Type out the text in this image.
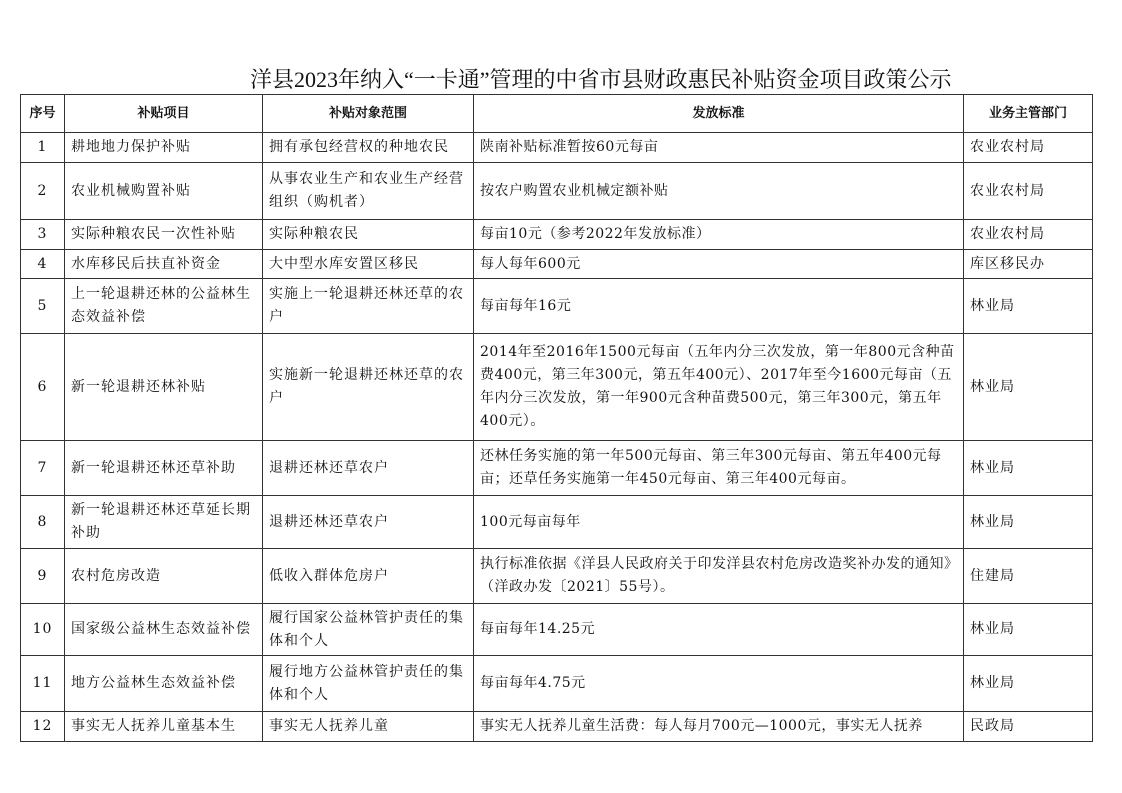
洋县2023年纳入“一卡通”管理的中省市县财政惠民补贴资金项目政策公示
序号	补贴项目	补贴对象范围	发放标准	业务主管部门
1	耕地地力保护补贴	拥有承包经营权的种地农民	陕南补贴标准暂按60元每亩	农业农村局
2	农业机械购置补贴	从事农业生产和农业生产经营组织（购机者）	按农户购置农业机械定额补贴	农业农村局
3	实际种粮农民一次性补贴	实际种粮农民	每亩10元（参考2022年发放标准）	农业农村局
4	水库移民后扶直补资金	大中型水库安置区移民	每人每年600元	库区移民办
5	上一轮退耕还林的公益林生态效益补偿	实施上一轮退耕还林还草的农户	每亩每年16元	林业局
6	新一轮退耕还林补贴	实施新一轮退耕还林还草的农户	2014年至2016年1500元每亩（五年内分三次发放，第一年800元含种苗费400元，第三年300元，第五年400元）、2017年至今1600元每亩（五年内分三次发放，第一年900元含种苗费500元，第三年300元，第五年400元）。	林业局
7	新一轮退耕还林还草补助	退耕还林还草农户	还林任务实施的第一年500元每亩、第三年300元每亩、第五年400元每亩；还草任务实施第一年450元每亩、第三年400元每亩。	林业局
8	新一轮退耕还林还草延长期补助	退耕还林还草农户	100元每亩每年	林业局
9	农村危房改造	低收入群体危房户	执行标准依据《洋县人民政府关于印发洋县农村危房改造奖补办发的通知》（洋政办发〔2021〕55号）。	住建局
10	国家级公益林生态效益补偿	履行国家公益林管护责任的集体和个人	每亩每年14.25元	林业局
11	地方公益林生态效益补偿	履行地方公益林管护责任的集体和个人	每亩每年4.75元	林业局
12	事实无人抚养儿童基本生	事实无人抚养儿童	事实无人抚养儿童生活费：每人每月700元—1000元，事实无人抚养	民政局
